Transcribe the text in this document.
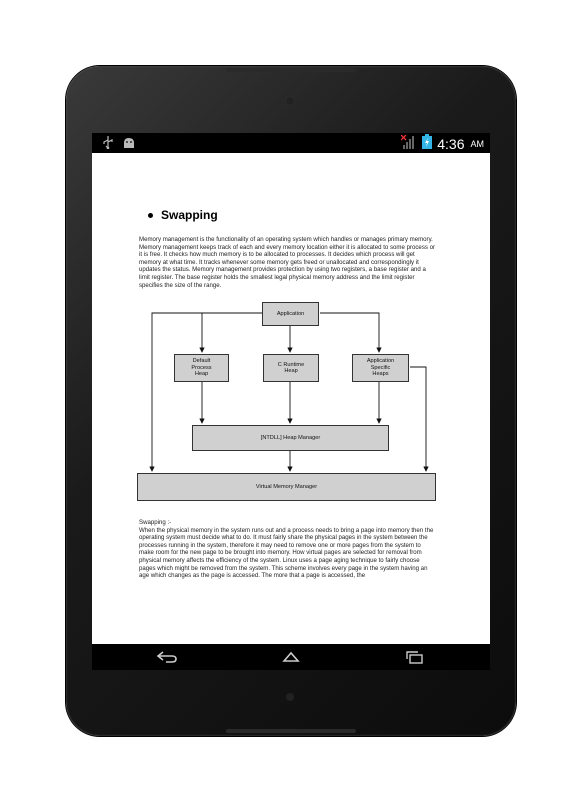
4:36 AM
Swapping
Memory management is the functionality of an operating system which handles or manages primary memory. Memory management keeps track of each and every memory location either it is allocated to some process or it is free. It checks how much memory is to be allocated to processes. It decides which process will get memory at what time. It tracks whenever some memory gets freed or unallocated and correspondingly it updates the status. Memory management provides protection by using two registers, a base register and a limit register. The base register holds the smallest legal physical memory address and the limit register specifies the size of the range.
Application
Default
Process
Heap
C Runtime
Heap
Application
Specific
Heaps
[NTDLL] Heap Manager
Virtual Memory Manager
Swapping :-
When the physical memory in the system runs out and a process needs to bring a page into memory then the operating system must decide what to do. It must fairly share the physical pages in the system between the processes running in the system, therefore it may need to remove one or more pages from the system to make room for the new page to be brought into memory. How virtual pages are selected for removal from physical memory affects the efficiency of the system. Linux uses a page aging technique to fairly choose pages which might be removed from the system. This scheme involves every page in the system having an age which changes as the page is accessed. The more that a page is accessed, the
